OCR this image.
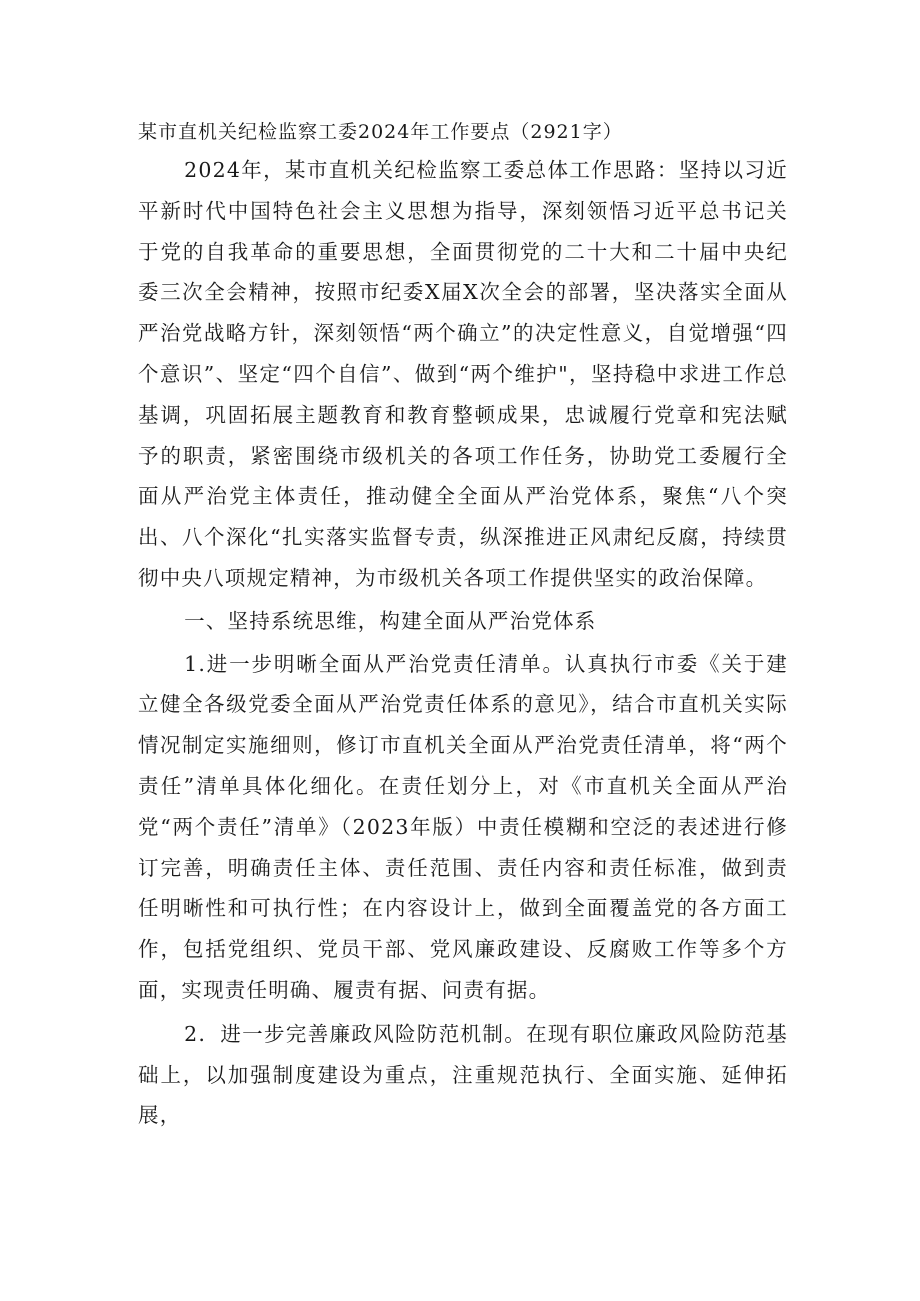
某市直机关纪检监察工委2024年工作要点（2921字）

2024年，某市直机关纪检监察工委总体工作思路：坚持以习近平新时代中国特色社会主义思想为指导，深刻领悟习近平总书记关于党的自我革命的重要思想，全面贯彻党的二十大和二十届中央纪委三次全会精神，按照市纪委X届X次全会的部署，坚决落实全面从严治党战略方针，深刻领悟“两个确立”的决定性意义，自觉增强“四个意识”、坚定“四个自信”、做到“两个维护"，坚持稳中求进工作总基调，巩固拓展主题教育和教育整顿成果，忠诚履行党章和宪法赋予的职责，紧密围绕市级机关的各项工作任务，协助党工委履行全面从严治党主体责任，推动健全全面从严治党体系，聚焦“八个突出、八个深化“扎实落实监督专责，纵深推进正风肃纪反腐，持续贯彻中央八项规定精神，为市级机关各项工作提供坚实的政治保障。

一、坚持系统思维，构建全面从严治党体系

1.进一步明晰全面从严治党责任清单。认真执行市委《关于建立健全各级党委全面从严治党责任体系的意见》，结合市直机关实际情况制定实施细则，修订市直机关全面从严治党责任清单，将“两个责任”清单具体化细化。在责任划分上，对《市直机关全面从严治党“两个责任”清单》（2023年版）中责任模糊和空泛的表述进行修订完善，明确责任主体、责任范围、责任内容和责任标准，做到责任明晰性和可执行性；在内容设计上，做到全面覆盖党的各方面工作，包括党组织、党员干部、党风廉政建设、反腐败工作等多个方面，实现责任明确、履责有据、问责有据。

2．进一步完善廉政风险防范机制。在现有职位廉政风险防范基础上，以加强制度建设为重点，注重规范执行、全面实施、延伸拓展，
